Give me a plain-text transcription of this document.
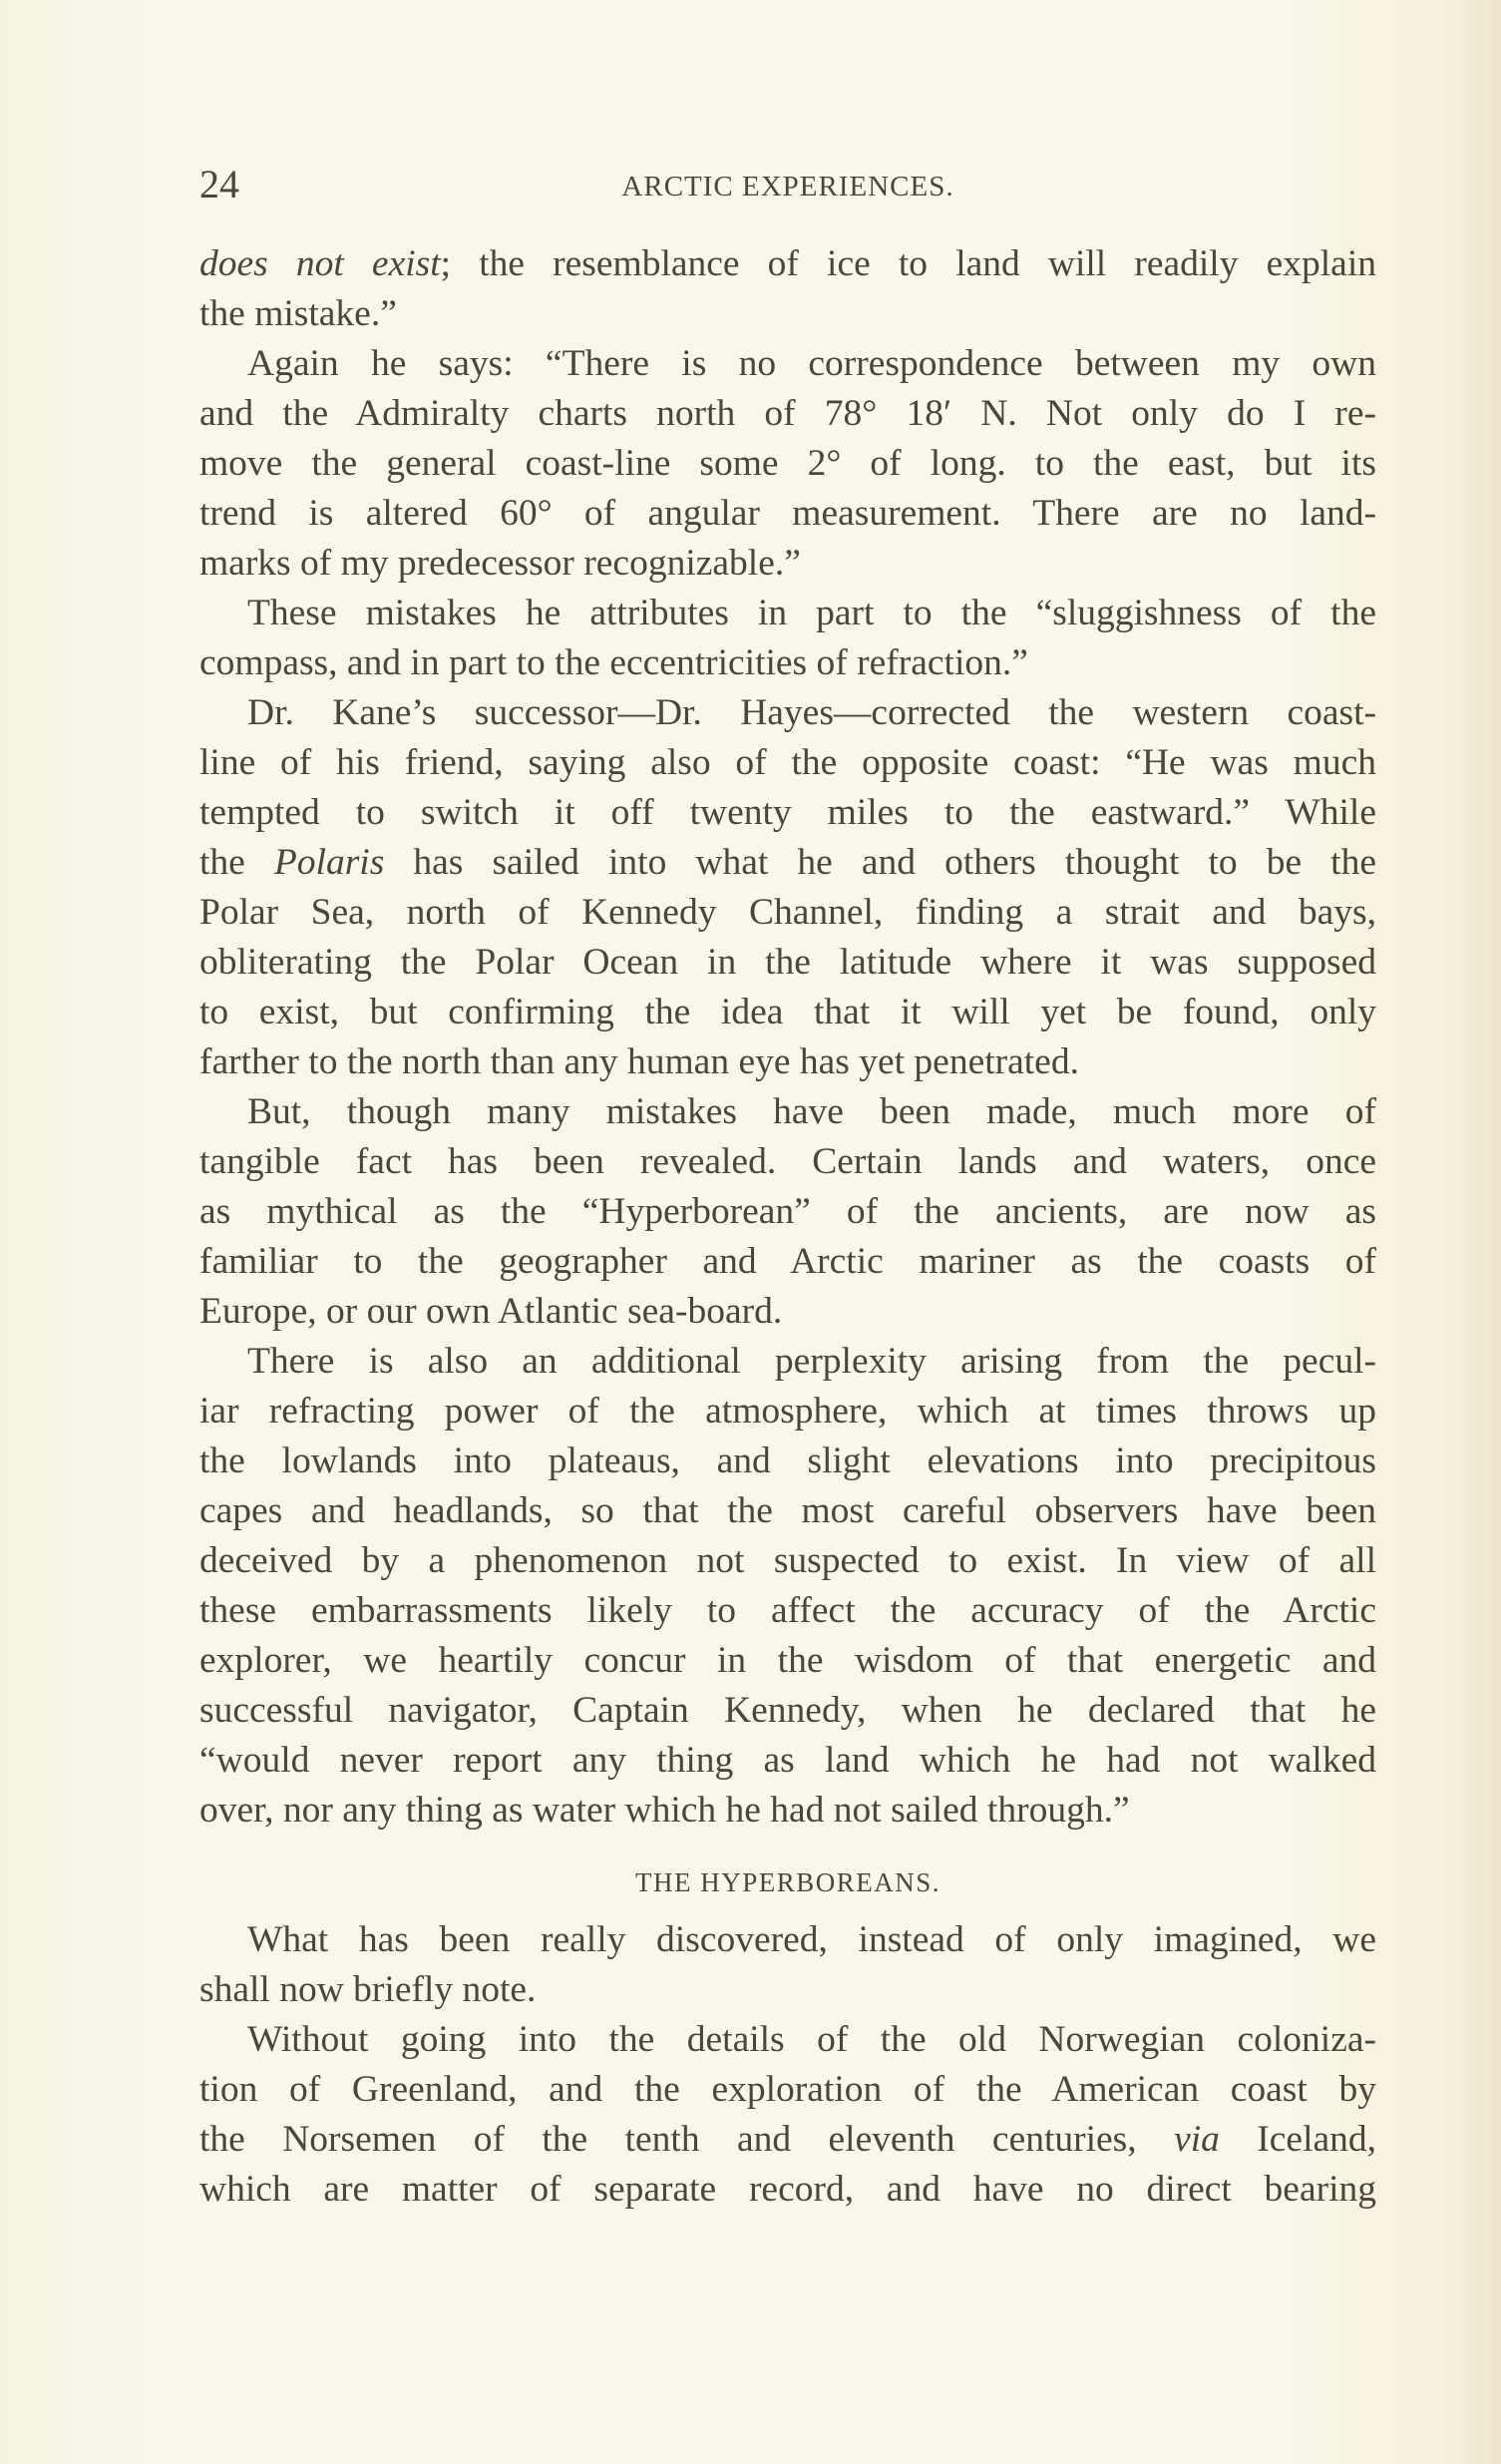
24	ARCTIC EXPERIENCES.
does not exist; the resemblance of ice to land will readily explain
the mistake.”
Again he says: “There is no correspondence between my own
and the Admiralty charts north of 78° 18′ N. Not only do I re-
move the general coast-line some 2° of long. to the east, but its
trend is altered 60° of angular measurement. There are no land-
marks of my predecessor recognizable.”
These mistakes he attributes in part to the “sluggishness of the
compass, and in part to the eccentricities of refraction.”
Dr. Kane’s successor—Dr. Hayes—corrected the western coast-
line of his friend, saying also of the opposite coast: “He was much
tempted to switch it off twenty miles to the eastward.” While
the Polaris has sailed into what he and others thought to be the
Polar Sea, north of Kennedy Channel, finding a strait and bays,
obliterating the Polar Ocean in the latitude where it was supposed
to exist, but confirming the idea that it will yet be found, only
farther to the north than any human eye has yet penetrated.
But, though many mistakes have been made, much more of
tangible fact has been revealed. Certain lands and waters, once
as mythical as the “Hyperborean” of the ancients, are now as
familiar to the geographer and Arctic mariner as the coasts of
Europe, or our own Atlantic sea-board.
There is also an additional perplexity arising from the pecul-
iar refracting power of the atmosphere, which at times throws up
the lowlands into plateaus, and slight elevations into precipitous
capes and headlands, so that the most careful observers have been
deceived by a phenomenon not suspected to exist. In view of all
these embarrassments likely to affect the accuracy of the Arctic
explorer, we heartily concur in the wisdom of that energetic and
successful navigator, Captain Kennedy, when he declared that he
“would never report any thing as land which he had not walked
over, nor any thing as water which he had not sailed through.”
THE HYPERBOREANS.
What has been really discovered, instead of only imagined, we
shall now briefly note.
Without going into the details of the old Norwegian coloniza-
tion of Greenland, and the exploration of the American coast by
the Norsemen of the tenth and eleventh centuries, via Iceland,
which are matter of separate record, and have no direct bearing
